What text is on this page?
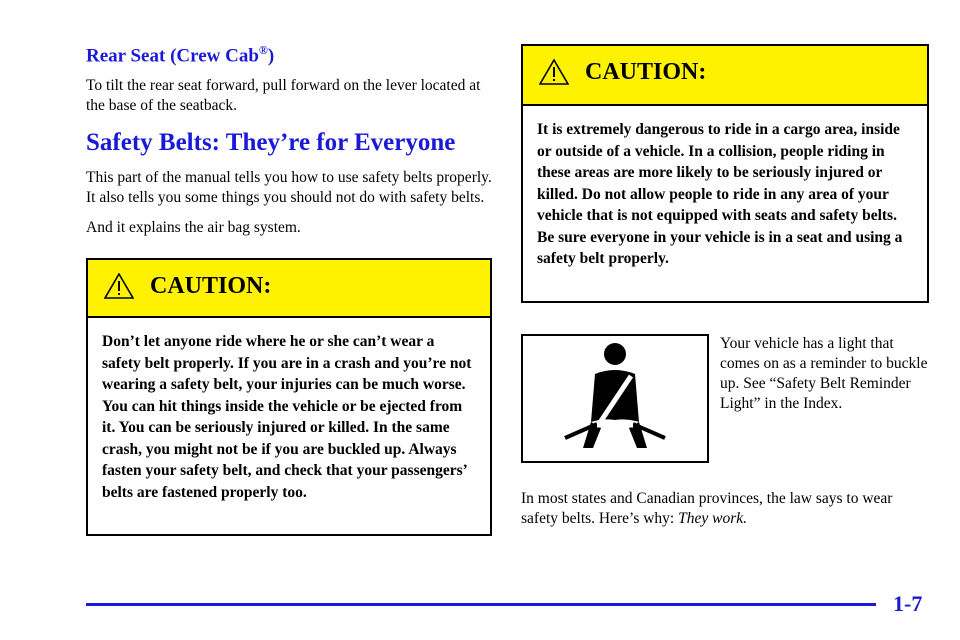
Rear Seat (Crew Cab®)

To tilt the rear seat forward, pull forward on the lever located at the base of the seatback.

Safety Belts: They’re for Everyone

This part of the manual tells you how to use safety belts properly. It also tells you some things you should not do with safety belts.

And it explains the air bag system.

CAUTION:
Don’t let anyone ride where he or she can’t wear a safety belt properly. If you are in a crash and you’re not wearing a safety belt, your injuries can be much worse. You can hit things inside the vehicle or be ejected from it. You can be seriously injured or killed. In the same crash, you might not be if you are buckled up. Always fasten your safety belt, and check that your passengers’ belts are fastened properly too.
CAUTION:
It is extremely dangerous to ride in a cargo area, inside or outside of a vehicle. In a collision, people riding in these areas are more likely to be seriously injured or killed. Do not allow people to ride in any area of your vehicle that is not equipped with seats and safety belts. Be sure everyone in your vehicle is in a seat and using a safety belt properly.
Your vehicle has a light that comes on as a reminder to buckle up. See “Safety Belt Reminder Light” in the Index.
In most states and Canadian provinces, the law says to wear safety belts. Here’s why: They work.
1-7
